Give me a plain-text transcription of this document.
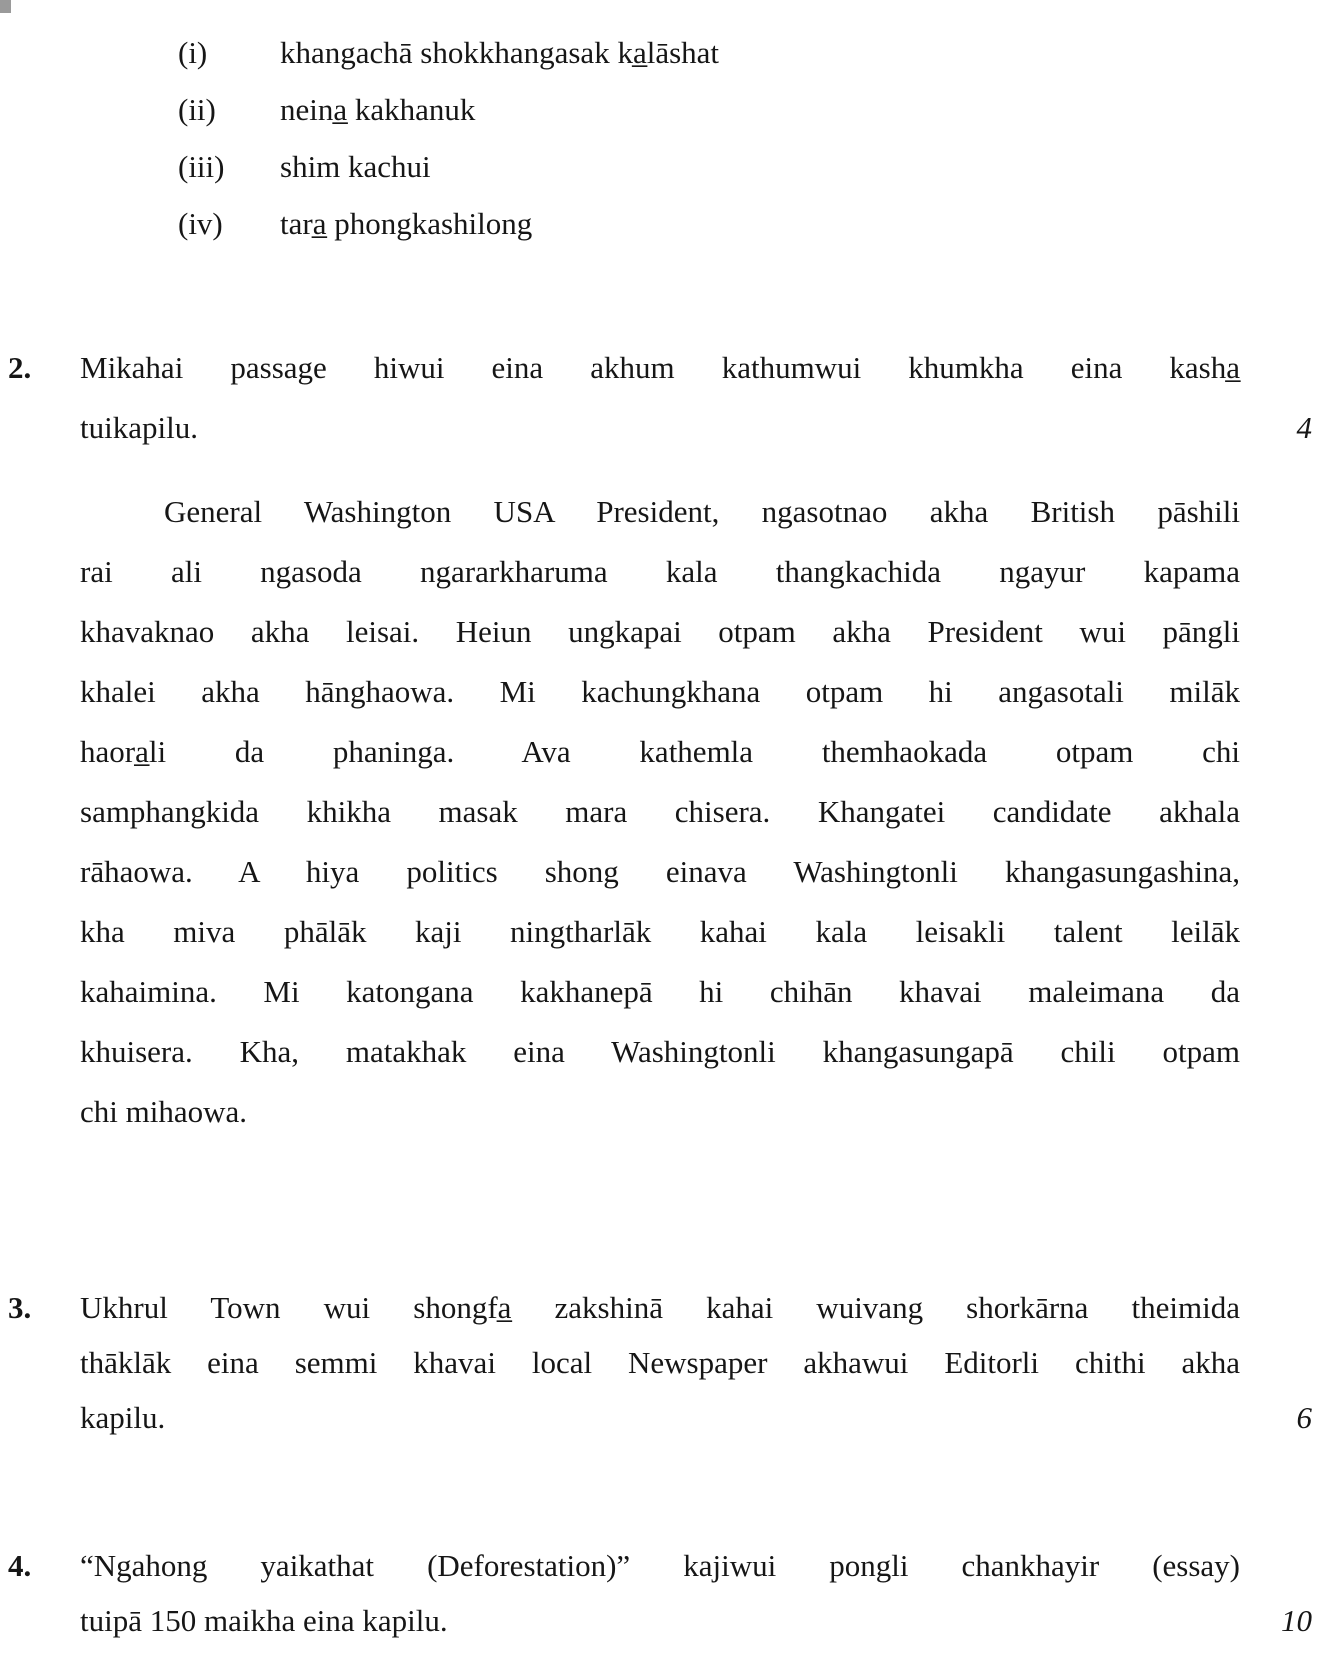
(i)	khangachā shokkhangasak ka̲lāshat
(ii)	neina̲ kakhanuk
(iii)	shim kachui
(iv)	tara̲ phongkashilong
2. Mikahai passage hiwui eina akhum kathumwui khumkha eina kasha̲
tuikapilu.	4
General Washington USA President, ngasotnao akha British pāshili
rai ali ngasoda ngararkharuma kala thangkachida ngayur kapama
khavaknao akha leisai. Heiun ungkapai otpam akha President wui pāngli
khalei akha hānghaowa. Mi kachungkhana otpam hi angasotali milāk
haora̲li da phaninga. Ava kathemla themhaokada otpam chi
samphangkida khikha masak mara chisera. Khangatei candidate akhala
rāhaowa. A hiya politics shong einava Washingtonli khangasungashina,
kha miva phālāk kaji ningtharlāk kahai kala leisakli talent leilāk
kahaimina. Mi katongana kakhanepā hi chihān khavai maleimana da
khuisera. Kha, matakhak eina Washingtonli khangasungapā chili otpam
chi mihaowa.
3. Ukhrul Town wui shongfa̲ zakshinā kahai wuivang shorkārna theimida
thāklāk eina semmi khavai local Newspaper akhawui Editorli chithi akha
kapilu.	6
4. “Ngahong yaikathat (Deforestation)” kajiwui pongli chankhayir (essay)
tuipā 150 maikha eina kapilu.	10
